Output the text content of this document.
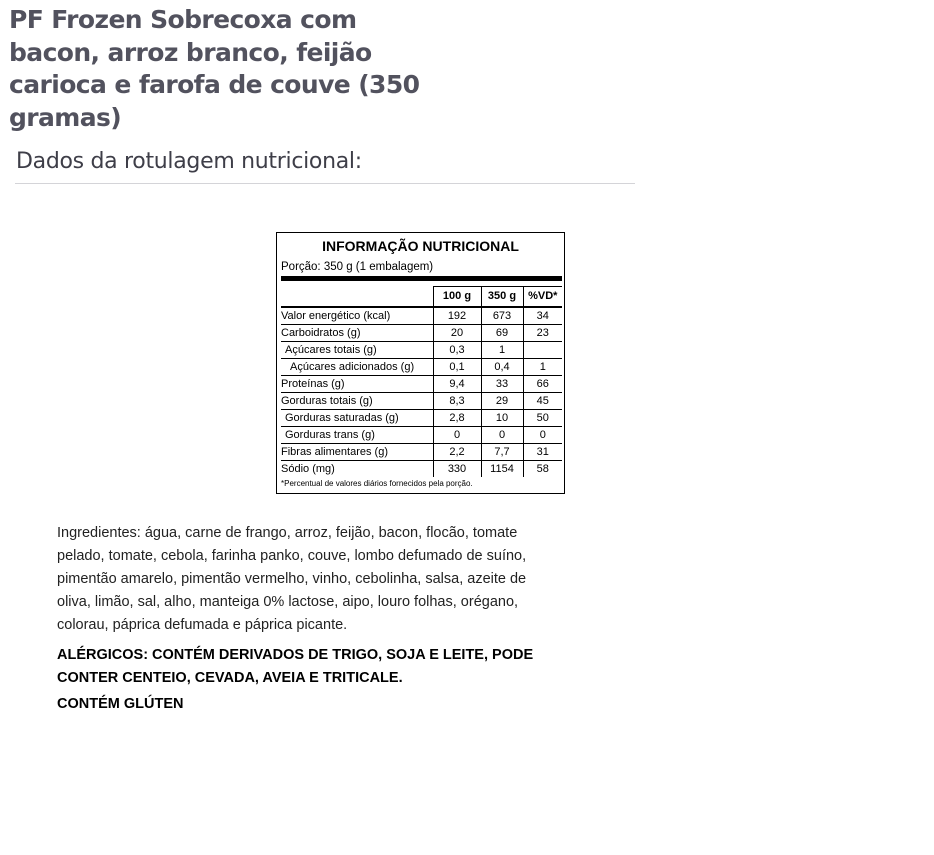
PF Frozen Sobrecoxa com bacon, arroz branco, feijão carioca e farofa de couve (350 gramas)
Dados da rotulagem nutricional:
INFORMAÇÃO NUTRICIONAL
Porção: 350 g (1 embalagem)
	100 g	350 g	%VD*
Valor energético (kcal)	192	673	34
Carboidratos (g)	20	69	23
Açúcares totais (g)	0,3	1	
Açúcares adicionados (g)	0,1	0,4	1
Proteínas (g)	9,4	33	66
Gorduras totais (g)	8,3	29	45
Gorduras saturadas (g)	2,8	10	50
Gorduras trans (g)	0	0	0
Fibras alimentares (g)	2,2	7,7	31
Sódio (mg)	330	1154	58
*Percentual de valores diários fornecidos pela porção.

Ingredientes: água, carne de frango, arroz, feijão, bacon, flocão, tomate pelado, tomate, cebola, farinha panko, couve, lombo defumado de suíno, pimentão amarelo, pimentão vermelho, vinho, cebolinha, salsa, azeite de oliva, limão, sal, alho, manteiga 0% lactose, aipo, louro folhas, orégano, colorau, páprica defumada e páprica picante.

ALÉRGICOS: CONTÉM DERIVADOS DE TRIGO, SOJA E LEITE, PODE CONTER CENTEIO, CEVADA, AVEIA E TRITICALE.

CONTÉM GLÚTEN
